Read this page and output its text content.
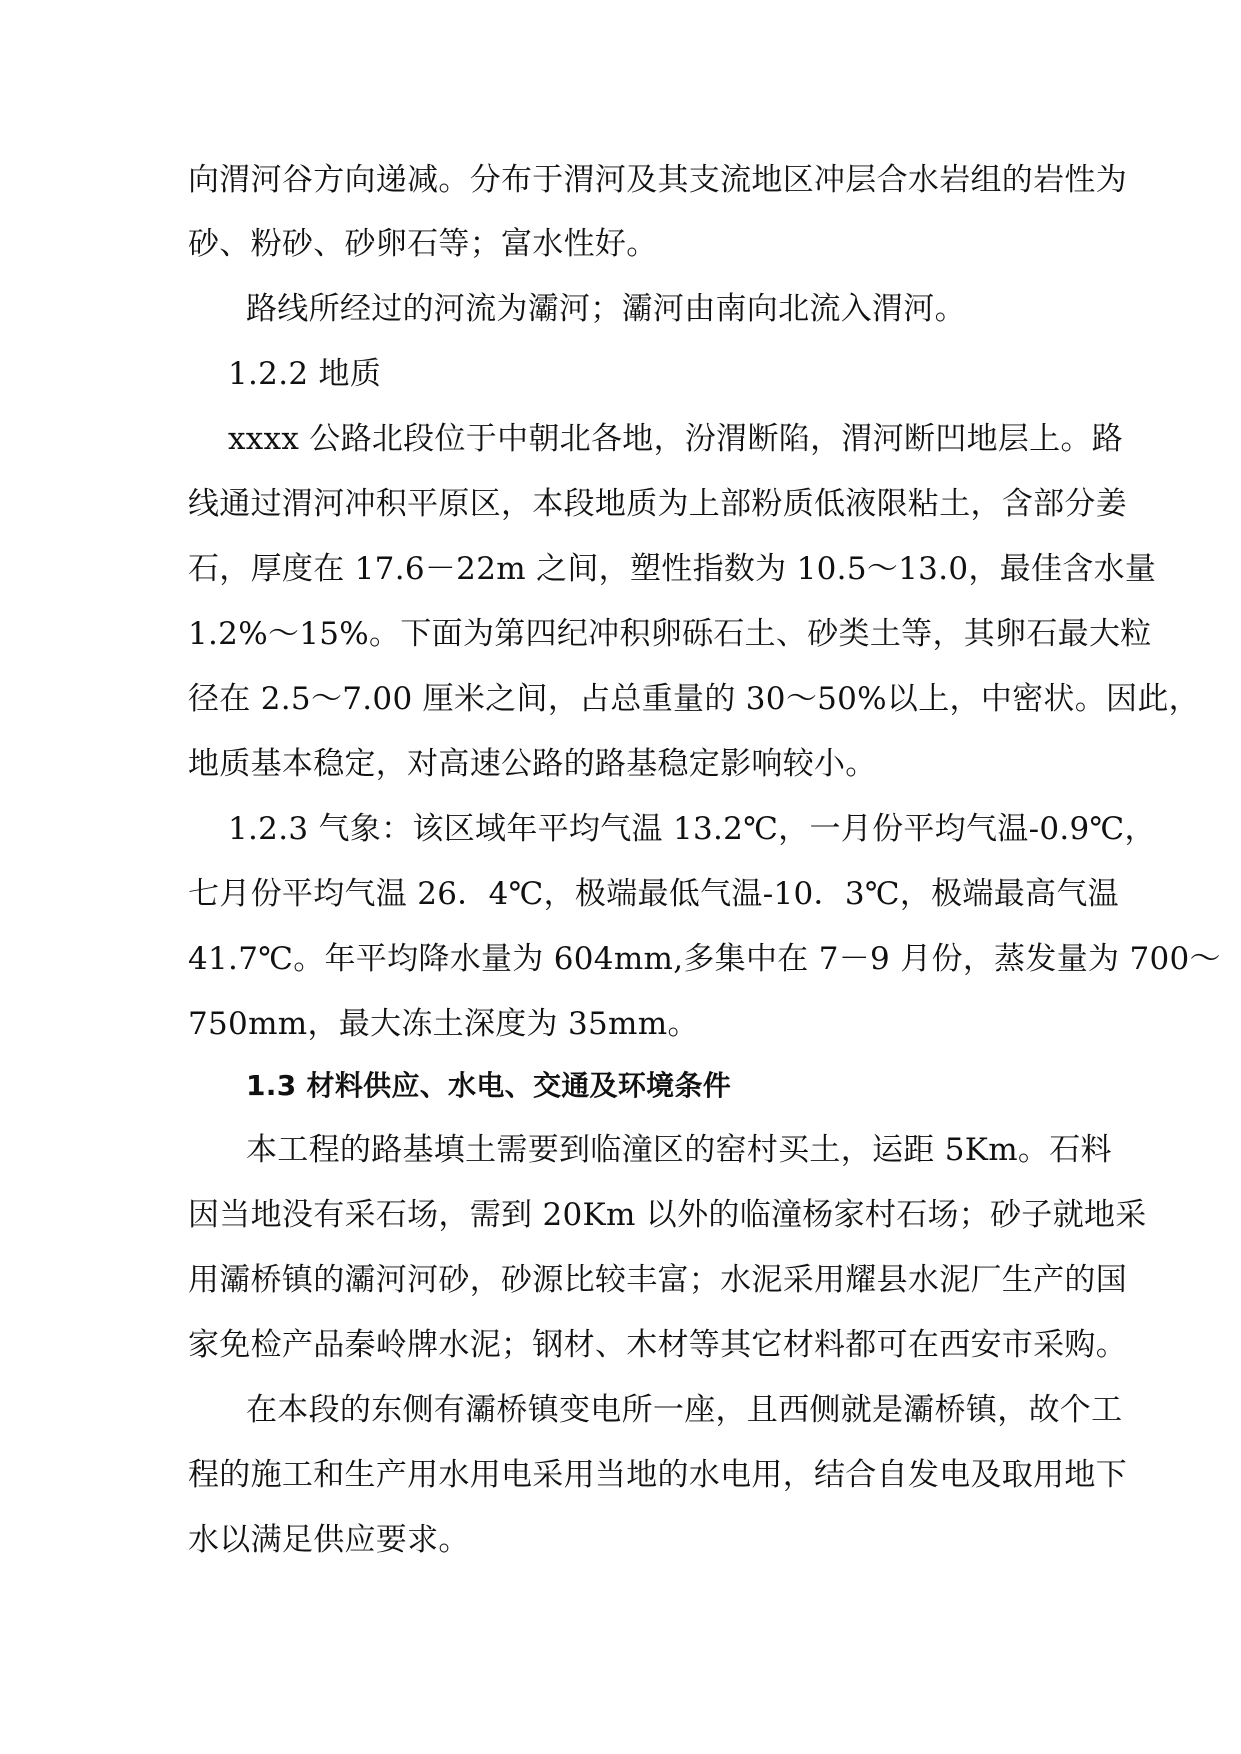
向渭河谷方向递减。分布于渭河及其支流地区冲层合水岩组的岩性为
砂、粉砂、砂卵石等；富水性好。
路线所经过的河流为灞河；灞河由南向北流入渭河。
1.2.2 地质
xxxx 公路北段位于中朝北各地，汾渭断陷，渭河断凹地层上。路
线通过渭河冲积平原区，本段地质为上部粉质低液限粘土，含部分姜
石，厚度在 17.6－22m 之间，塑性指数为 10.5～13.0，最佳含水量
1.2%～15%。下面为第四纪冲积卵砾石土、砂类土等，其卵石最大粒
径在 2.5～7.00 厘米之间，占总重量的 30～50%以上，中密状。因此，
地质基本稳定，对高速公路的路基稳定影响较小。
1.2.3 气象：该区域年平均气温 13.2℃，一月份平均气温-0.9℃，
七月份平均气温 26．4℃，极端最低气温-10．3℃，极端最高气温
41.7℃。年平均降水量为 604mm,多集中在 7－9 月份，蒸发量为 700～
750mm，最大冻土深度为 35mm。
1.3 材料供应、水电、交通及环境条件
本工程的路基填土需要到临潼区的窑村买土，运距 5Km。石料
因当地没有采石场，需到 20Km 以外的临潼杨家村石场；砂子就地采
用灞桥镇的灞河河砂，砂源比较丰富；水泥采用耀县水泥厂生产的国
家免检产品秦岭牌水泥；钢材、木材等其它材料都可在西安市采购。
在本段的东侧有灞桥镇变电所一座，且西侧就是灞桥镇，故个工
程的施工和生产用水用电采用当地的水电用，结合自发电及取用地下
水以满足供应要求。
